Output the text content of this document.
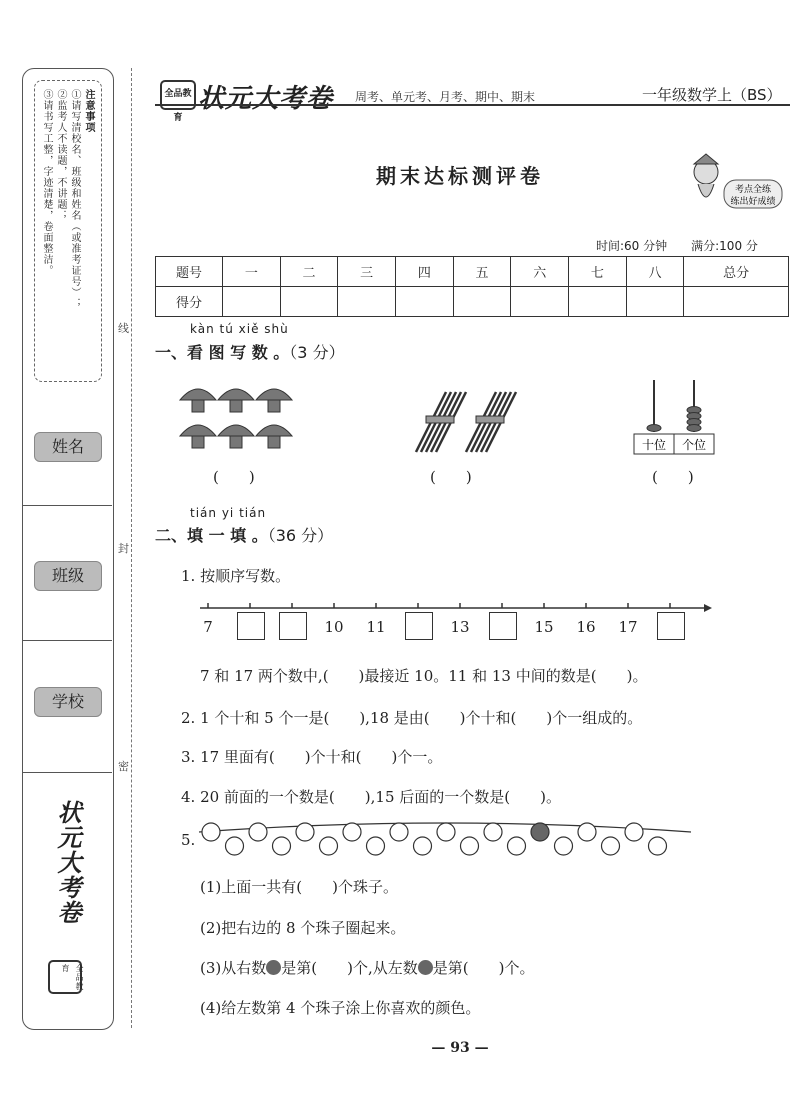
注意事项
①请写清校名、班级和姓名（或准考证号）；
②监考人不读题，不讲题；
③请书写工整，字迹清楚，卷面整洁。
姓名
班级
学校
状元大考卷
全品教育
线
封
密
全品教育
状元大考卷 周考、单元考、月考、期中、期末	一年级数学上（BS）
期末达标测评卷
考点全练
练出好成绩
时间:60 分钟　　满分:100 分
题号	一	二	三	四	五	六	七	八	总分
得分									
kàn tú xiě shù
一、看 图 写 数 。（3 分）
十位 个位
(　　)	(　　)	(　　)
tián yi tián
二、填 一 填 。（36 分）
1. 按顺序写数。
7	10	11	13	15	16	17
7 和 17 两个数中,(　　)最接近 10。11 和 13 中间的数是(　　)。
2. 1 个十和 5 个一是(　　),18 是由(　　)个十和(　　)个一组成的。
3. 17 里面有(　　)个十和(　　)个一。
4. 20 前面的一个数是(　　),15 后面的一个数是(　　)。
5.
(1)上面一共有(　　)个珠子。
(2)把右边的 8 个珠子圈起来。
(3)从右数 是第(　　)个,从左数 是第(　　)个。
(4)给左数第 4 个珠子涂上你喜欢的颜色。
— 93 —
